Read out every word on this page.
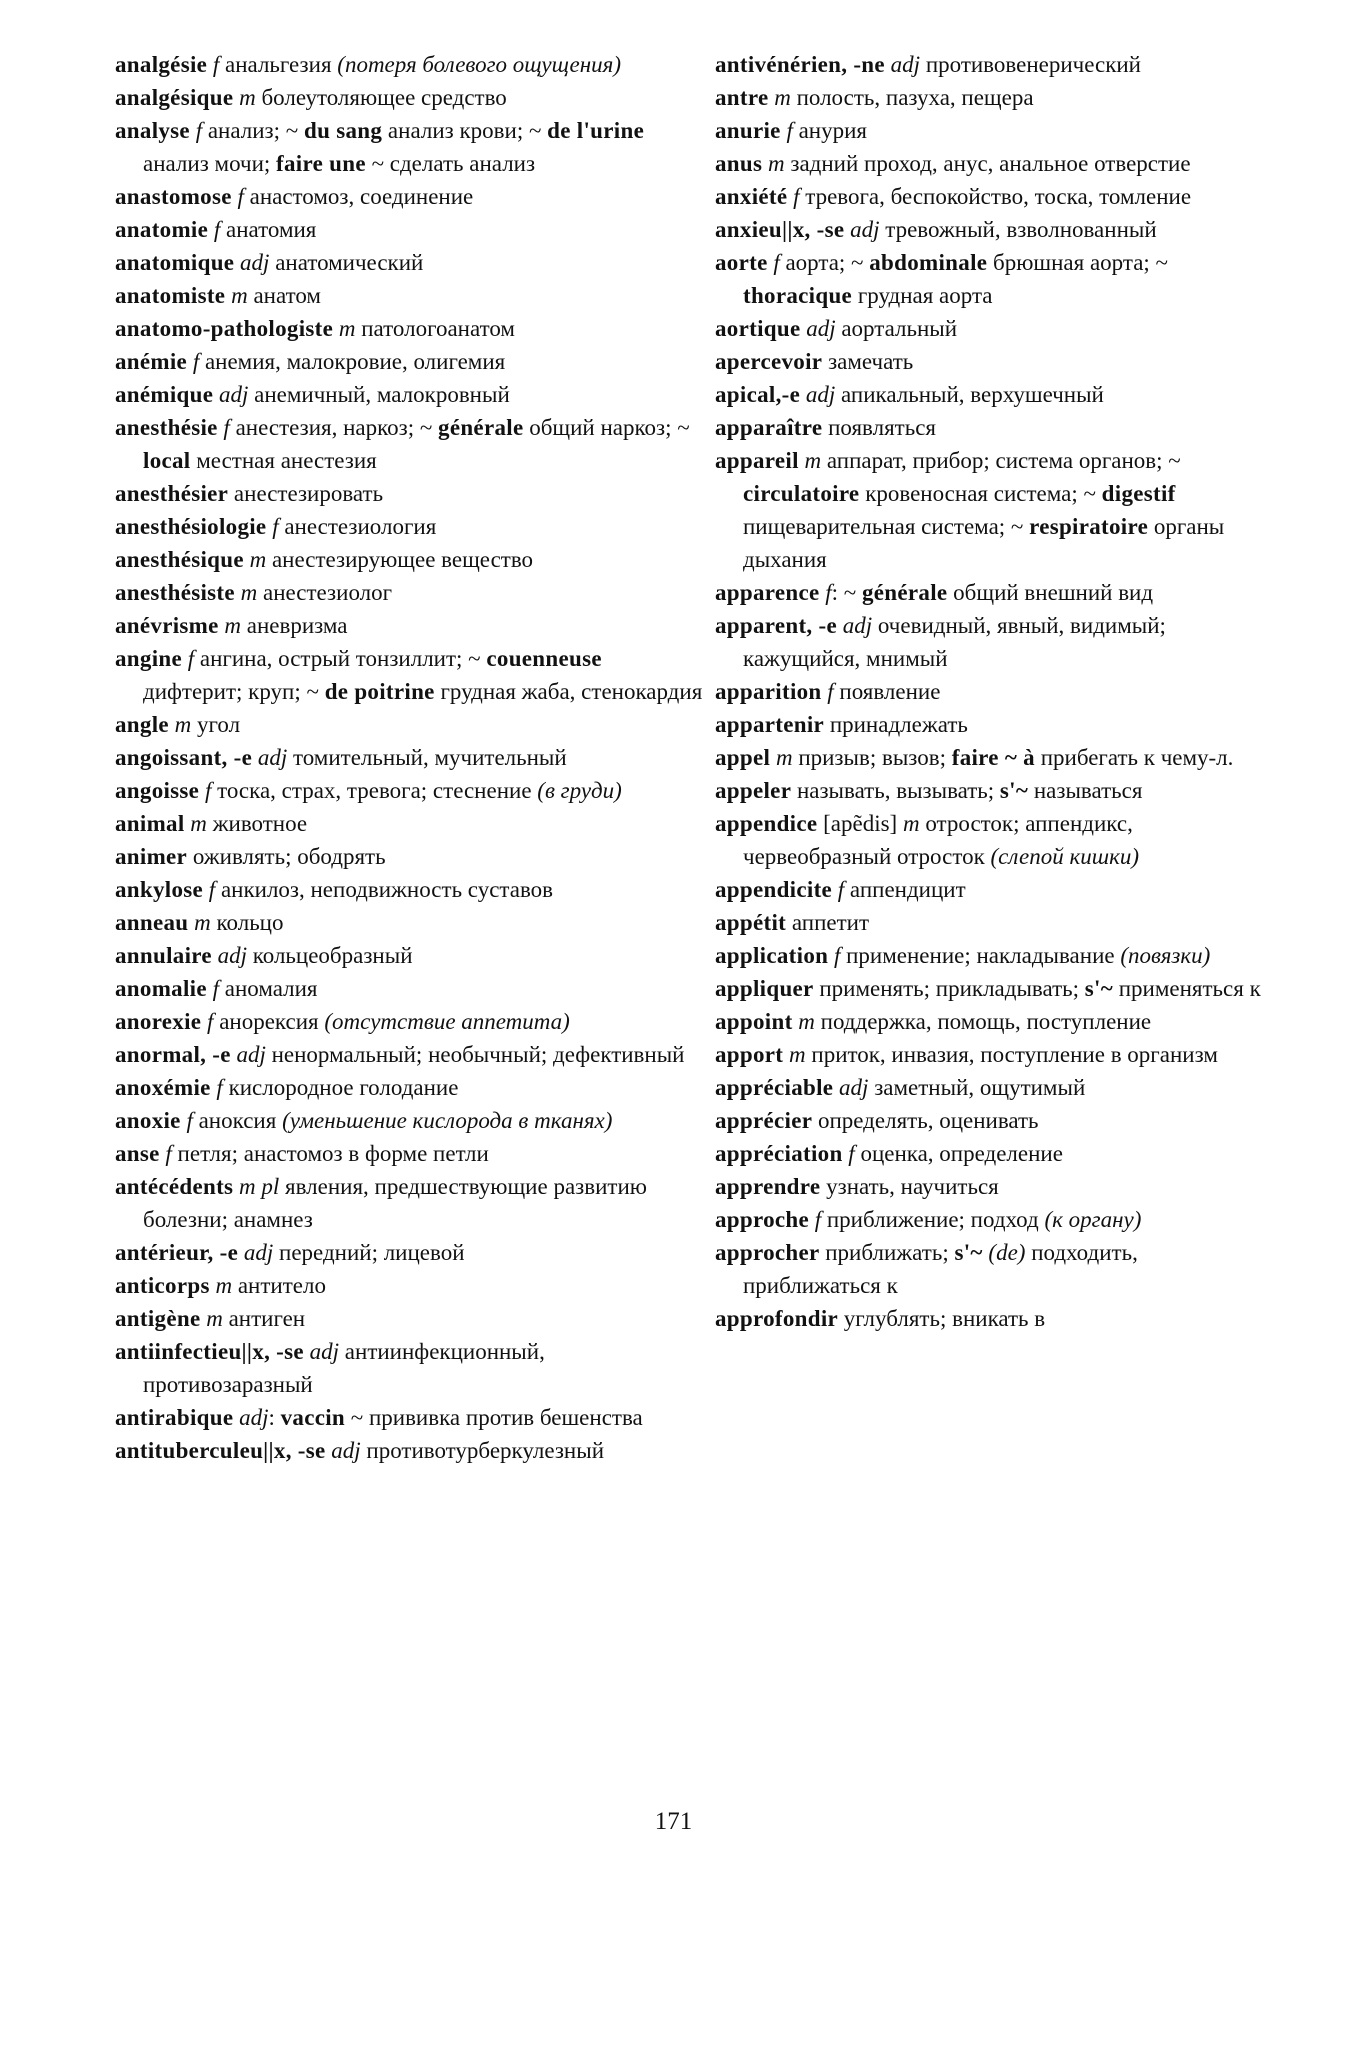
analgésie f анальгезия (потеря болевого ощущения)

analgésique m болеутоляющее средство

analyse f анализ; ~ du sang анализ крови; ~ de l'urine анализ мочи; faire une ~ сделать анализ

anastomose f анастомоз, соединение

anatomie f анатомия

anatomique adj анатомический

anatomiste m анатом

anatomo-pathologiste m патологоанатом

anémie f анемия, малокровие, олигемия

anémique adj анемичный, малокровный

anesthésie f анестезия, наркоз; ~ générale общий наркоз; ~ local местная анестезия

anesthésier анестезировать

anesthésiologie f анестезиология

anesthésique m анестезирующее вещество

anesthésiste m анестезиолог

anévrisme m аневризма

angine f ангина, острый тонзиллит; ~ couenneuse дифтерит; круп; ~ de poitrine грудная жаба, стенокардия

angle m угол

angoissant, -e adj томительный, мучительный

angoisse f тоска, страх, тревога; стеснение (в груди)

animal m животное

animer оживлять; ободрять

ankylose f анкилоз, неподвижность суставов

anneau m кольцо

annulaire adj кольцеобразный

anomalie f аномалия

anorexie f анорексия (отсутствие аппетита)

anormal, -e adj ненормальный; необычный; дефективный

anoxémie f кислородное голодание

anoxie f аноксия (уменьшение кислорода в тканях)

anse f петля; анастомоз в форме петли

antécédents m pl явления, предшествующие развитию болезни; анамнез

antérieur, -e adj передний; лицевой

anticorps m антитело

antigène m антиген

antiinfectieu||x, -se adj антиинфекционный, противозаразный

antirabique adj: vaccin ~ прививка против бешенства

antituberculeu||x, -se adj противотурберкулезный

antivénérien, -ne adj противовенерический

antre m полость, пазуха, пещера

anurie f анурия

anus m задний проход, анус, анальное отверстие

anxiété f тревога, беспокойство, тоска, томление

anxieu||x, -se adj тревожный, взволнованный

aorte f аорта; ~ abdominale брюшная аорта; ~ thoracique грудная аорта

aortique adj аортальный

apercevoir замечать

apical,-e adj апикальный, верхушечный

apparaître появляться

appareil m аппарат, прибор; система органов; ~ circulatoire кровеносная система; ~ digestif пищеварительная система; ~ respiratoire органы дыхания

apparence f: ~ générale общий внешний вид

apparent, -e adj очевидный, явный, видимый; кажущийся, мнимый

apparition f появление

appartenir принадлежать

appel m призыв; вызов; faire ~ à прибегать к чему-л.

appeler называть, вызывать; s'~ называться

appendice [apẽdis] m отросток; аппендикс, червеобразный отросток (слепой кишки)

appendicite f аппендицит

appétit аппетит

application f применение; накладывание (повязки)

appliquer применять; прикладывать; s'~ применяться к

appoint m поддержка, помощь, поступление

apport m приток, инвазия, поступление в организм

appréciable adj заметный, ощутимый

apprécier определять, оценивать

appréciation f оценка, определение

apprendre узнать, научиться

approche f приближение; подход (к органу)

approcher приближать; s'~ (de) подходить, приближаться к

approfondir углублять; вникать в

171
